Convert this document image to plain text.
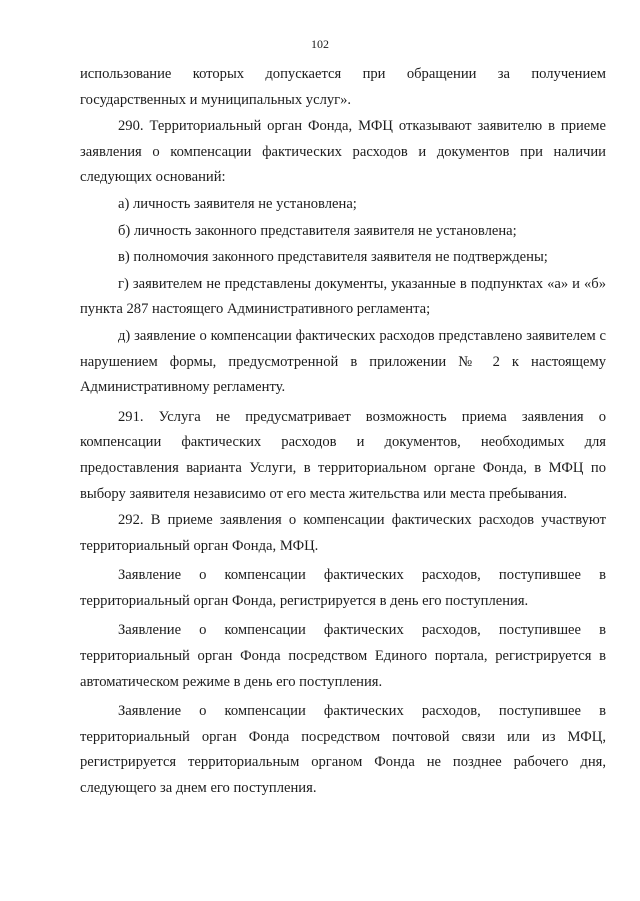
102

использование которых допускается при обращении за получением государственных и муниципальных услуг».

290. Территориальный орган Фонда, МФЦ отказывают заявителю в приеме заявления о компенсации фактических расходов и документов при наличии следующих оснований:

а) личность заявителя не установлена;

б) личность законного представителя заявителя не установлена;

в) полномочия законного представителя заявителя не подтверждены;

г) заявителем не представлены документы, указанные в подпунктах «а» и «б» пункта 287 настоящего Административного регламента;

д) заявление о компенсации фактических расходов представлено заявителем с нарушением формы, предусмотренной в приложении № 2 к настоящему Административному регламенту.

291. Услуга не предусматривает возможность приема заявления о компенсации фактических расходов и документов, необходимых для предоставления варианта Услуги, в территориальном органе Фонда, в МФЦ по выбору заявителя независимо от его места жительства или места пребывания.

292. В приеме заявления о компенсации фактических расходов участвуют территориальный орган Фонда, МФЦ.

Заявление о компенсации фактических расходов, поступившее в территориальный орган Фонда, регистрируется в день его поступления.

Заявление о компенсации фактических расходов, поступившее в территориальный орган Фонда посредством Единого портала, регистрируется в автоматическом режиме в день его поступления.

Заявление о компенсации фактических расходов, поступившее в территориальный орган Фонда посредством почтовой связи или из МФЦ, регистрируется территориальным органом Фонда не позднее рабочего дня, следующего за днем его поступления.
